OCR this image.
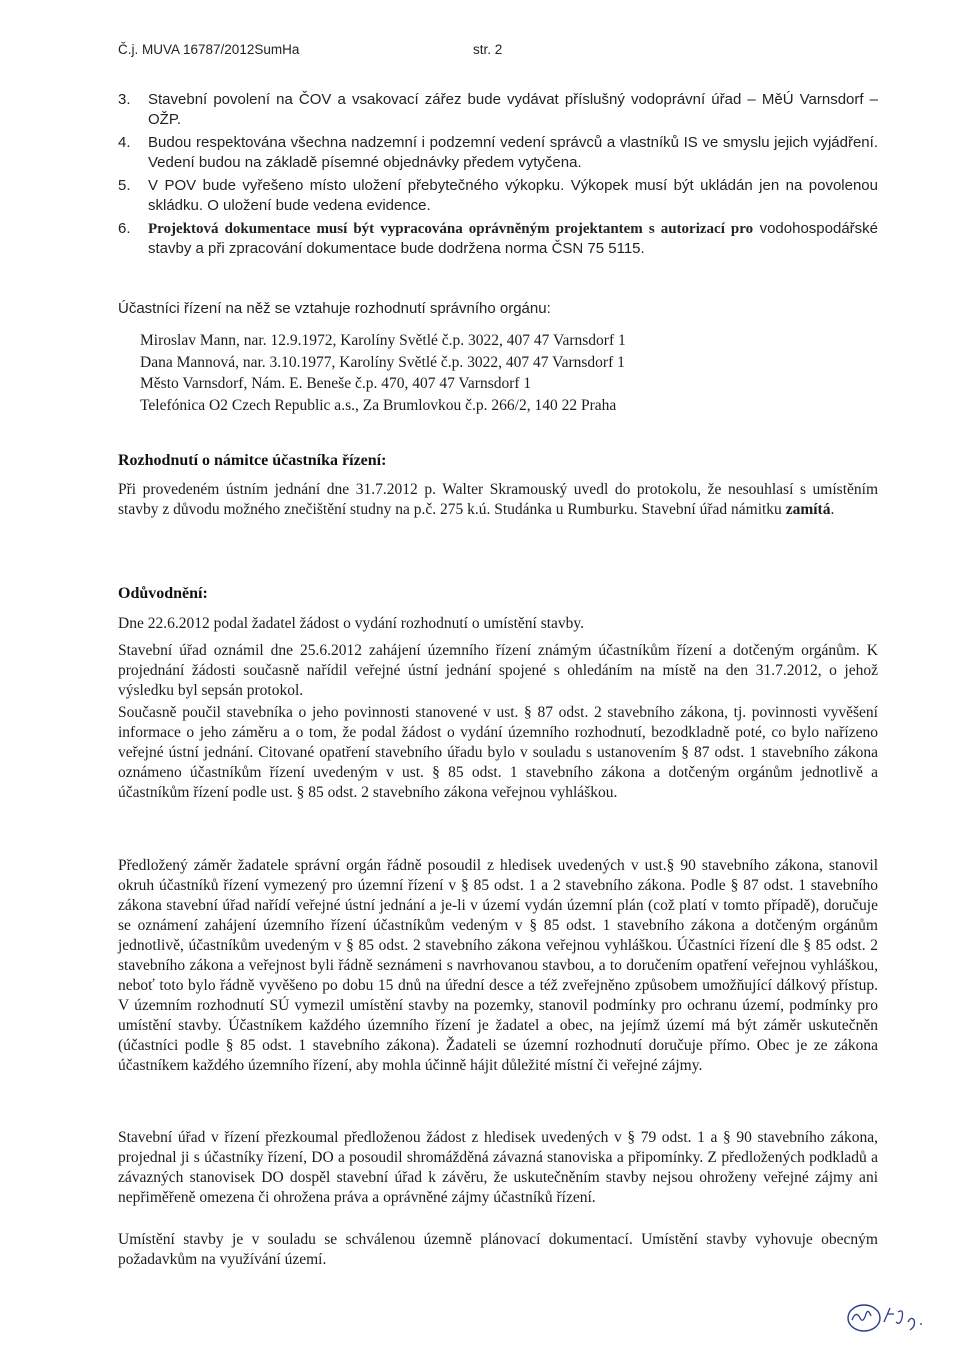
Č.j. MUVA 16787/2012SumHa	str. 2
3. Stavební povolení na ČOV a vsakovací zářez bude vydávat příslušný vodoprávní úřad – MěÚ Varnsdorf – OŽP.
4. Budou respektována všechna nadzemní i podzemní vedení správců a vlastníků IS ve smyslu jejich vyjádření. Vedení budou na základě písemné objednávky předem vytyčena.
5. V POV bude vyřešeno místo uložení přebytečného výkopku. Výkopek musí být ukládán jen na povolenou skládku. O uložení bude vedena evidence.
6. Projektová dokumentace musí být vypracována oprávněným projektantem s autorizací pro vodohospodářské stavby a při zpracování dokumentace bude dodržena norma ČSN 75 5115.
Účastníci řízení na něž se vztahuje rozhodnutí správního orgánu:
Miroslav Mann, nar. 12.9.1972, Karolíny Světlé č.p. 3022, 407 47 Varnsdorf 1
Dana Mannová, nar. 3.10.1977, Karolíny Světlé č.p. 3022, 407 47 Varnsdorf 1
Město Varnsdorf, Nám. E. Beneše č.p. 470, 407 47 Varnsdorf 1
Telefónica O2 Czech Republic a.s., Za Brumlovkou č.p. 266/2, 140 22 Praha
Rozhodnutí o námitce účastníka řízení:

Při provedeném ústním jednání dne 31.7.2012 p. Walter Skramouský uvedl do protokolu, že nesouhlasí s umístěním stavby z důvodu možného znečištění studny na p.č. 275 k.ú. Studánka u Rumburku. Stavební úřad námitku zamítá.

Odůvodnění:

Dne 22.6.2012 podal žadatel žádost o vydání rozhodnutí o umístění stavby.

Stavební úřad oznámil dne 25.6.2012 zahájení územního řízení známým účastníkům řízení a dotčeným orgánům. K projednání žádosti současně nařídil veřejné ústní jednání spojené s ohledáním na místě na den 31.7.2012, o jehož výsledku byl sepsán protokol.

Současně poučil stavebníka o jeho povinnosti stanovené v ust. § 87 odst. 2 stavebního zákona, tj. povinnosti vyvěšení informace o jeho záměru a o tom, že podal žádost o vydání územního rozhodnutí, bezodkladně poté, co bylo nařízeno veřejné ústní jednání. Citované opatření stavebního úřadu bylo v souladu s ustanovením § 87 odst. 1 stavebního zákona oznámeno účastníkům řízení uvedeným v ust. § 85 odst. 1 stavebního zákona a dotčeným orgánům jednotlivě a účastníkům řízení podle ust. § 85 odst. 2 stavebního zákona veřejnou vyhláškou.

Předložený záměr žadatele správní orgán řádně posoudil z hledisek uvedených v ust.§ 90 stavebního zákona, stanovil okruh účastníků řízení vymezený pro územní řízení v § 85 odst. 1 a 2 stavebního zákona. Podle § 87 odst. 1 stavebního zákona stavební úřad nařídí veřejné ústní jednání a je-li v území vydán územní plán (což platí v tomto případě), doručuje se oznámení zahájení územního řízení účastníkům vedeným v § 85 odst. 1 stavebního zákona a dotčeným orgánům jednotlivě, účastníkům uvedeným v § 85 odst. 2 stavebního zákona veřejnou vyhláškou. Účastníci řízení dle § 85 odst. 2 stavebního zákona a veřejnost byli řádně seznámeni s navrhovanou stavbou, a to doručením opatření veřejnou vyhláškou, neboť toto bylo řádně vyvěšeno po dobu 15 dnů na úřední desce a též zveřejněno způsobem umožňující dálkový přístup. V územním rozhodnutí SÚ vymezil umístění stavby na pozemky, stanovil podmínky pro ochranu území, podmínky pro umístění stavby. Účastníkem každého územního řízení je žadatel a obec, na jejímž území má být záměr uskutečněn (účastníci podle § 85 odst. 1 stavebního zákona). Žadateli se územní rozhodnutí doručuje přímo. Obec je ze zákona účastníkem každého územního řízení, aby mohla účinně hájit důležité místní či veřejné zájmy.

Stavební úřad v řízení přezkoumal předloženou žádost z hledisek uvedených v § 79 odst. 1 a § 90 stavebního zákona, projednal ji s účastníky řízení, DO a posoudil shromážděná závazná stanoviska a připomínky. Z předložených podkladů a závazných stanovisek DO dospěl stavební úřad k závěru, že uskutečněním stavby nejsou ohroženy veřejné zájmy ani nepřiměřeně omezena či ohrožena práva a oprávněné zájmy účastníků řízení.

Umístění stavby je v souladu se schválenou územně plánovací dokumentací. Umístění stavby vyhovuje obecným požadavkům na využívání území.
